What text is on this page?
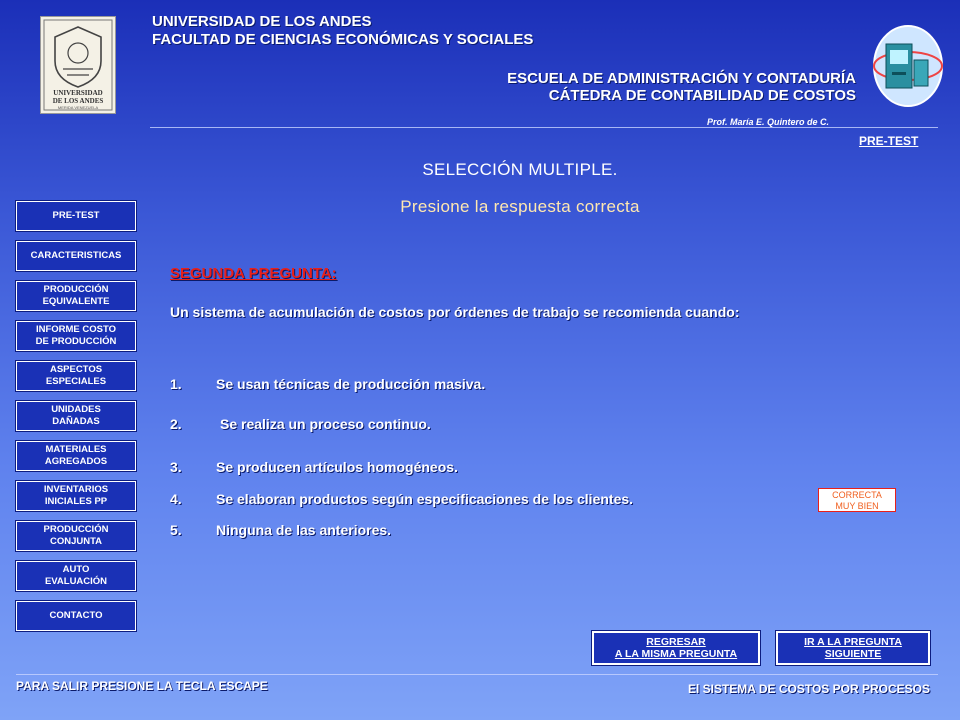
UNIVERSIDAD
DE LOS ANDES
MERIDA VENEZUELA
UNIVERSIDAD DE LOS ANDES
FACULTAD DE CIENCIAS ECONÓMICAS Y SOCIALES
ESCUELA DE ADMINISTRACIÓN Y CONTADURÍA
CÁTEDRA DE CONTABILIDAD DE COSTOS
Prof. María E. Quintero de C.
PRE-TEST
SELECCIÓN MULTIPLE.
Presione la respuesta correcta
PRE-TEST
CARACTERISTICAS
PRODUCCIÓN
EQUIVALENTE
INFORME COSTO
DE PRODUCCIÓN
ASPECTOS
ESPECIALES
UNIDADES
DAÑADAS
MATERIALES
AGREGADOS
INVENTARIOS
INICIALES PP
PRODUCCIÓN
CONJUNTA
AUTO
EVALUACIÓN
CONTACTO
SEGUNDA PREGUNTA:
Un sistema de acumulación de costos por órdenes de trabajo se recomienda cuando:
1. Se usan técnicas de producción masiva.
2.	Se realiza un proceso continuo.
3. Se producen artículos homogéneos.
4. Se elaboran productos según especificaciones de los clientes.
5. Ninguna de las anteriores.
CORRECTA
MUY BIEN
REGRESAR
A LA MISMA PREGUNTA
IR A LA PREGUNTA
SIGUIENTE
PARA SALIR PRESIONE LA TECLA ESCAPE	El SISTEMA DE COSTOS POR PROCESOS
